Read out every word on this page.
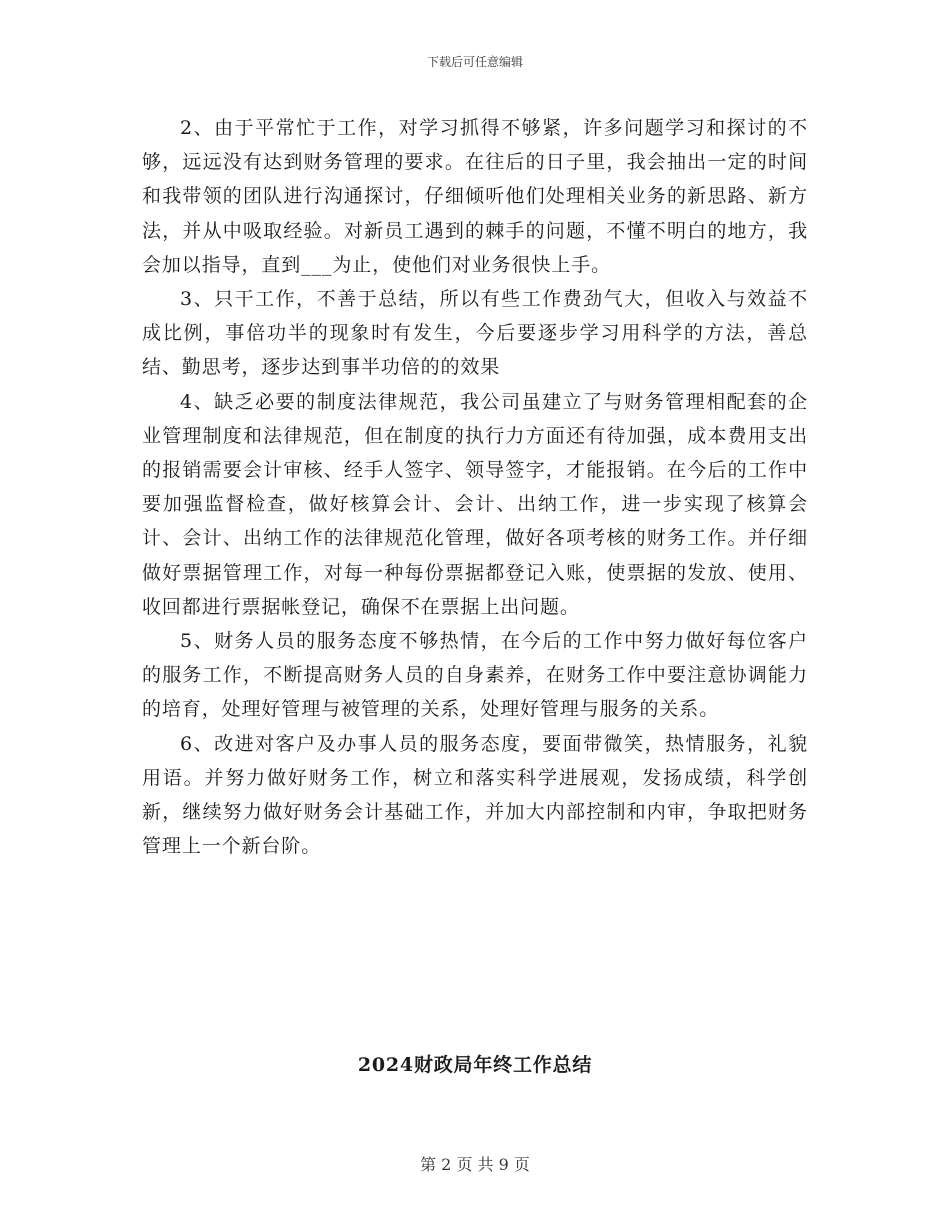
下载后可任意编辑

2、由于平常忙于工作，对学习抓得不够紧，许多问题学习和探讨的不够，远远没有达到财务管理的要求。在往后的日子里，我会抽出一定的时间和我带领的团队进行沟通探讨，仔细倾听他们处理相关业务的新思路、新方法，并从中吸取经验。对新员工遇到的棘手的问题，不懂不明白的地方，我会加以指导，直到___为止，使他们对业务很快上手。

3、只干工作，不善于总结，所以有些工作费劲气大，但收入与效益不成比例，事倍功半的现象时有发生，今后要逐步学习用科学的方法，善总结、勤思考，逐步达到事半功倍的的效果

4、缺乏必要的制度法律规范，我公司虽建立了与财务管理相配套的企业管理制度和法律规范，但在制度的执行力方面还有待加强，成本费用支出的报销需要会计审核、经手人签字、领导签字，才能报销。在今后的工作中要加强监督检查，做好核算会计、会计、出纳工作，进一步实现了核算会计、会计、出纳工作的法律规范化管理，做好各项考核的财务工作。并仔细做好票据管理工作，对每一种每份票据都登记入账，使票据的发放、使用、收回都进行票据帐登记，确保不在票据上出问题。

5、财务人员的服务态度不够热情，在今后的工作中努力做好每位客户的服务工作，不断提高财务人员的自身素养，在财务工作中要注意协调能力的培育，处理好管理与被管理的关系，处理好管理与服务的关系。

6、改进对客户及办事人员的服务态度，要面带微笑，热情服务，礼貌用语。并努力做好财务工作，树立和落实科学进展观，发扬成绩，科学创新，继续努力做好财务会计基础工作，并加大内部控制和内审，争取把财务管理上一个新台阶。

2024财政局年终工作总结
第 2 页 共 9 页
